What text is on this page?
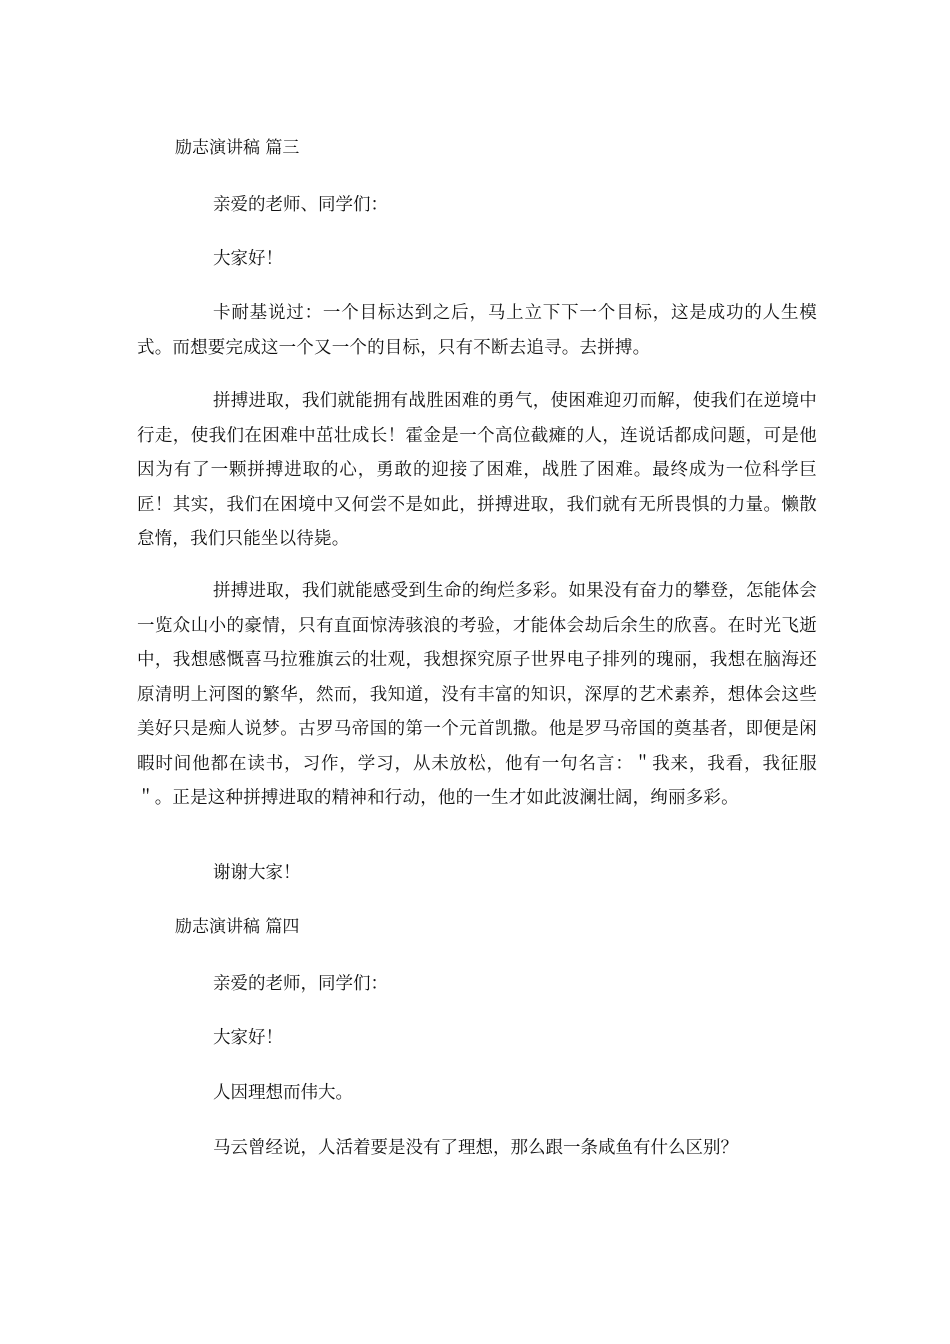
励志演讲稿 篇三

亲爱的老师、同学们：

大家好！

卡耐基说过：一个目标达到之后，马上立下下一个目标，这是成功的人生模式。而想要完成这一个又一个的目标，只有不断去追寻。去拼搏。

拼搏进取，我们就能拥有战胜困难的勇气，使困难迎刃而解，使我们在逆境中行走，使我们在困难中茁壮成长！霍金是一个高位截瘫的人，连说话都成问题，可是他因为有了一颗拼搏进取的心，勇敢的迎接了困难，战胜了困难。最终成为一位科学巨匠！其实，我们在困境中又何尝不是如此，拼搏进取，我们就有无所畏惧的力量。懒散怠惰，我们只能坐以待毙。

拼搏进取，我们就能感受到生命的绚烂多彩。如果没有奋力的攀登，怎能体会一览众山小的豪情，只有直面惊涛骇浪的考验，才能体会劫后余生的欣喜。在时光飞逝中，我想感慨喜马拉雅旗云的壮观，我想探究原子世界电子排列的瑰丽，我想在脑海还原清明上河图的繁华，然而，我知道，没有丰富的知识，深厚的艺术素养，想体会这些美好只是痴人说梦。古罗马帝国的第一个元首凯撒。他是罗马帝国的奠基者，即便是闲暇时间他都在读书，习作，学习，从未放松，他有一句名言：＂我来，我看，我征服＂。正是这种拼搏进取的精神和行动，他的一生才如此波澜壮阔，绚丽多彩。

谢谢大家！

励志演讲稿 篇四

亲爱的老师，同学们：

大家好！

人因理想而伟大。

马云曾经说，人活着要是没有了理想，那么跟一条咸鱼有什么区别？
